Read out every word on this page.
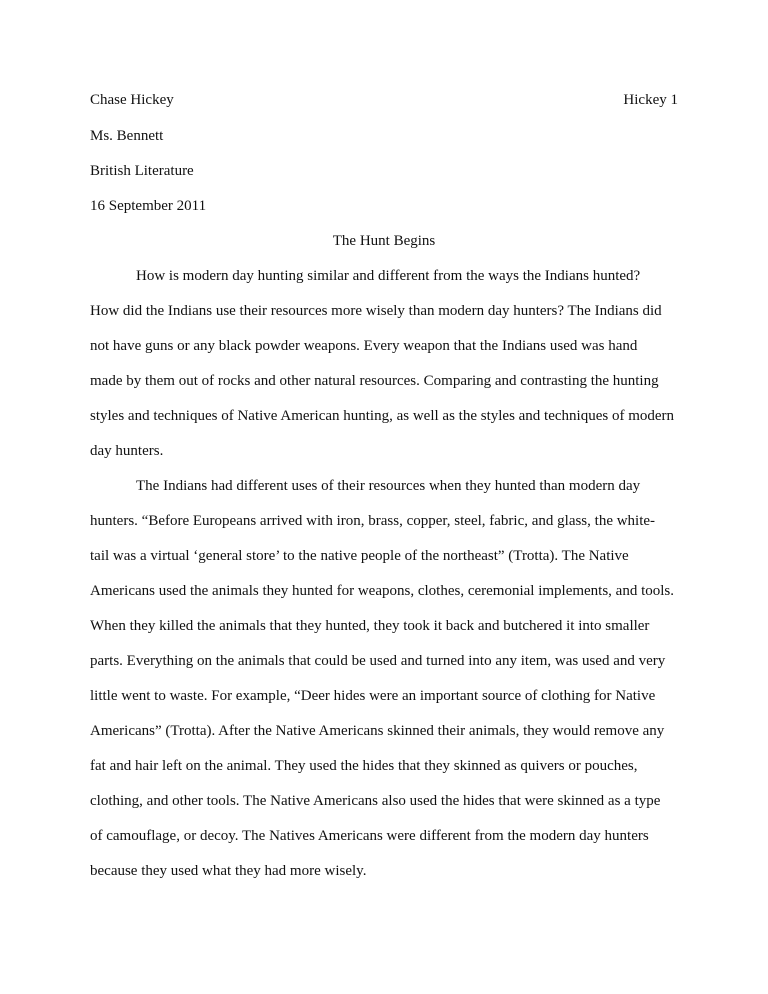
Chase Hickey	Hickey 1
Ms. Bennett
British Literature
16 September 2011
The Hunt Begins
How is modern day hunting similar and different from the ways the Indians hunted?
How did the Indians use their resources more wisely than modern day hunters? The Indians did
not have guns or any black powder weapons. Every weapon that the Indians used was hand
made by them out of rocks and other natural resources. Comparing and contrasting the hunting
styles and techniques of Native American hunting, as well as the styles and techniques of modern
day hunters.
The Indians had different uses of their resources when they hunted than modern day
hunters. “Before Europeans arrived with iron, brass, copper, steel, fabric, and glass, the white-
tail was a virtual ‘general store’ to the native people of the northeast” (Trotta). The Native
Americans used the animals they hunted for weapons, clothes, ceremonial implements, and tools.
When they killed the animals that they hunted, they took it back and butchered it into smaller
parts. Everything on the animals that could be used and turned into any item, was used and very
little went to waste. For example, “Deer hides were an important source of clothing for Native
Americans” (Trotta). After the Native Americans skinned their animals, they would remove any
fat and hair left on the animal. They used the hides that they skinned as quivers or pouches,
clothing, and other tools. The Native Americans also used the hides that were skinned as a type
of camouflage, or decoy. The Natives Americans were different from the modern day hunters
because they used what they had more wisely.
